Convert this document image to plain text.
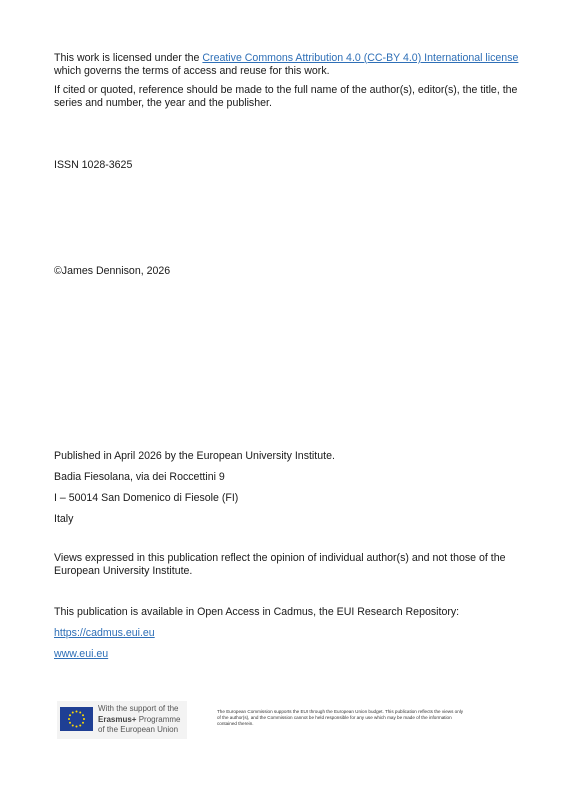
This work is licensed under the Creative Commons Attribution 4.0 (CC-BY 4.0) International license
which governs the terms of access and reuse for this work.

If cited or quoted, reference should be made to the full name of the author(s), editor(s), the title, the series and number, the year and the publisher.

ISSN 1028-3625

©James Dennison, 2026

Published in April 2026 by the European University Institute.

Badia Fiesolana, via dei Roccettini 9

I – 50014 San Domenico di Fiesole (FI)

Italy

Views expressed in this publication reflect the opinion of individual author(s) and not those of the European University Institute.

This publication is available in Open Access in Cadmus, the EUI Research Repository:

https://cadmus.eui.eu

www.eui.eu

With the support of the
Erasmus+ Programme
of the European Union
The European Commission supports the EUI through the European Union budget. This publication reflects the views only of the author(s), and the Commission cannot be held responsible for any use which may be made of the information contained therein.
